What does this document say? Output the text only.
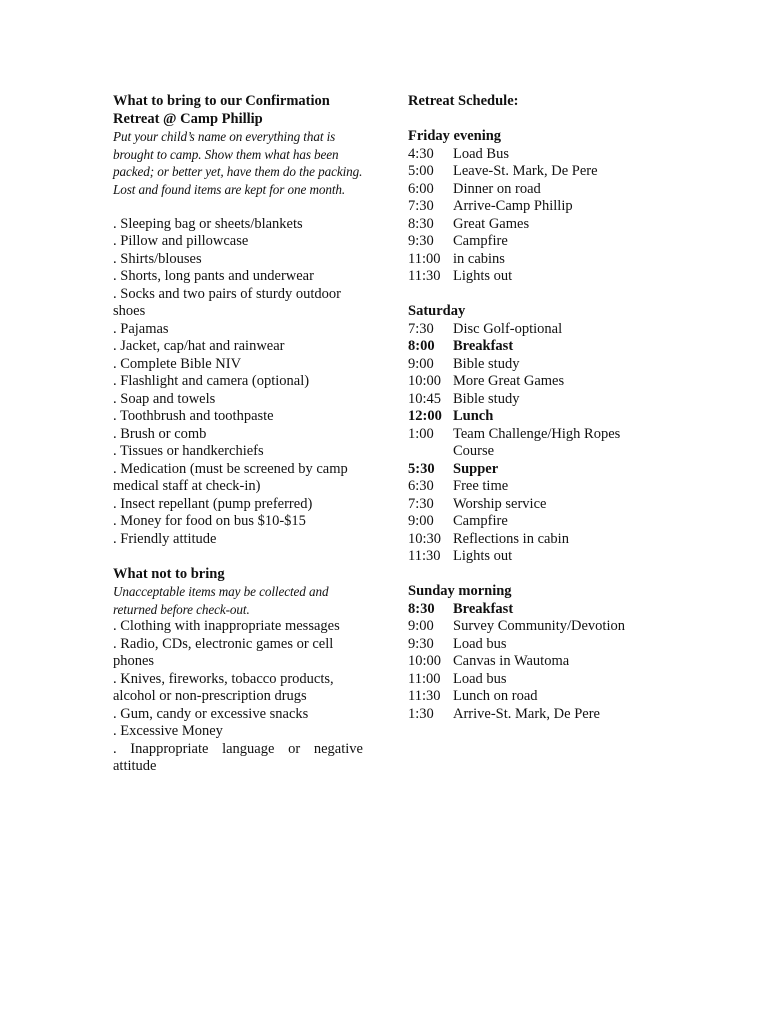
What to bring to our Confirmation Retreat @ Camp Phillip
Put your child’s name on everything that is brought to camp. Show them what has been packed; or better yet, have them do the packing. Lost and found items are kept for one month.
. Sleeping bag or sheets/blankets
. Pillow and pillowcase
. Shirts/blouses
. Shorts, long pants and underwear
. Socks and two pairs of sturdy outdoor shoes
. Pajamas
. Jacket, cap/hat and rainwear
. Complete Bible NIV
. Flashlight and camera (optional)
. Soap and towels
. Toothbrush and toothpaste
. Brush or comb
. Tissues or handkerchiefs
. Medication (must be screened by camp medical staff at check-in)
. Insect repellant (pump preferred)
. Money for food on bus $10-$15
. Friendly attitude
What not to bring
Unacceptable items may be collected and returned before check-out.
. Clothing with inappropriate messages
. Radio, CDs, electronic games or cell phones
. Knives, fireworks, tobacco products, alcohol or non-prescription drugs
. Gum, candy or excessive snacks
. Excessive Money
. Inappropriate language or negative attitude
Retreat Schedule:
Friday evening
4:30	Load Bus
5:00	Leave-St. Mark, De Pere
6:00	Dinner on road
7:30	Arrive-Camp Phillip
8:30	Great Games
9:30	Campfire
11:00 in cabins
11:30 Lights out
Saturday
7:30	Disc Golf-optional
8:00	Breakfast
9:00	Bible study
10:00 More Great Games
10:45 Bible study
12:00 Lunch
1:00	Team Challenge/High Ropes Course
5:30	Supper
6:30	Free time
7:30	Worship service
9:00	Campfire
10:30 Reflections in cabin
11:30 Lights out
Sunday morning
8:30	Breakfast
9:00	Survey Community/Devotion
9:30	Load bus
10:00 Canvas in Wautoma
11:00 Load bus
11:30 Lunch on road
1:30	Arrive-St. Mark, De Pere
